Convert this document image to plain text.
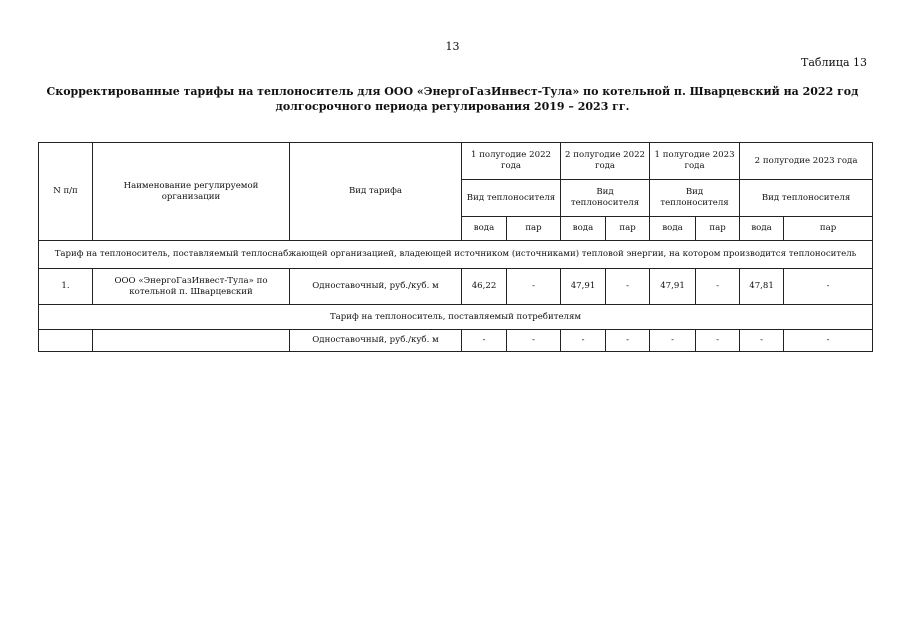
13
Таблица 13
Скорректированные тарифы на теплоноситель для ООО «ЭнергоГазИнвест-Тула» по котельной п. Шварцевский на 2022 год долгосрочного периода регулирования 2019 – 2023 гг.
N п/п	Наименование регулируемой организации	Вид тарифа	1 полугодие 2022 года		2 полугодие 2022 года		1 полугодие 2023 года		2 полугодие 2023 года	
			Вид теплоносителя		Вид теплоносителя		Вид теплоносителя		Вид теплоносителя	
			вода	пар	вода	пар	вода	пар	вода	пар
Тариф на теплоноситель, поставляемый теплоснабжающей организацией, владеющей источником (источниками) тепловой энергии, на котором производится теплоноситель										
1.	ООО «ЭнергоГазИнвест-Тула» по котельной п. Шварцевский	Одноставочный, руб./куб. м	46,22	-	47,91	-	47,91	-	47,81	-
Тариф на теплоноситель, поставляемый потребителям										
		Одноставочный, руб./куб. м	-	-	-	-	-	-	-	-
